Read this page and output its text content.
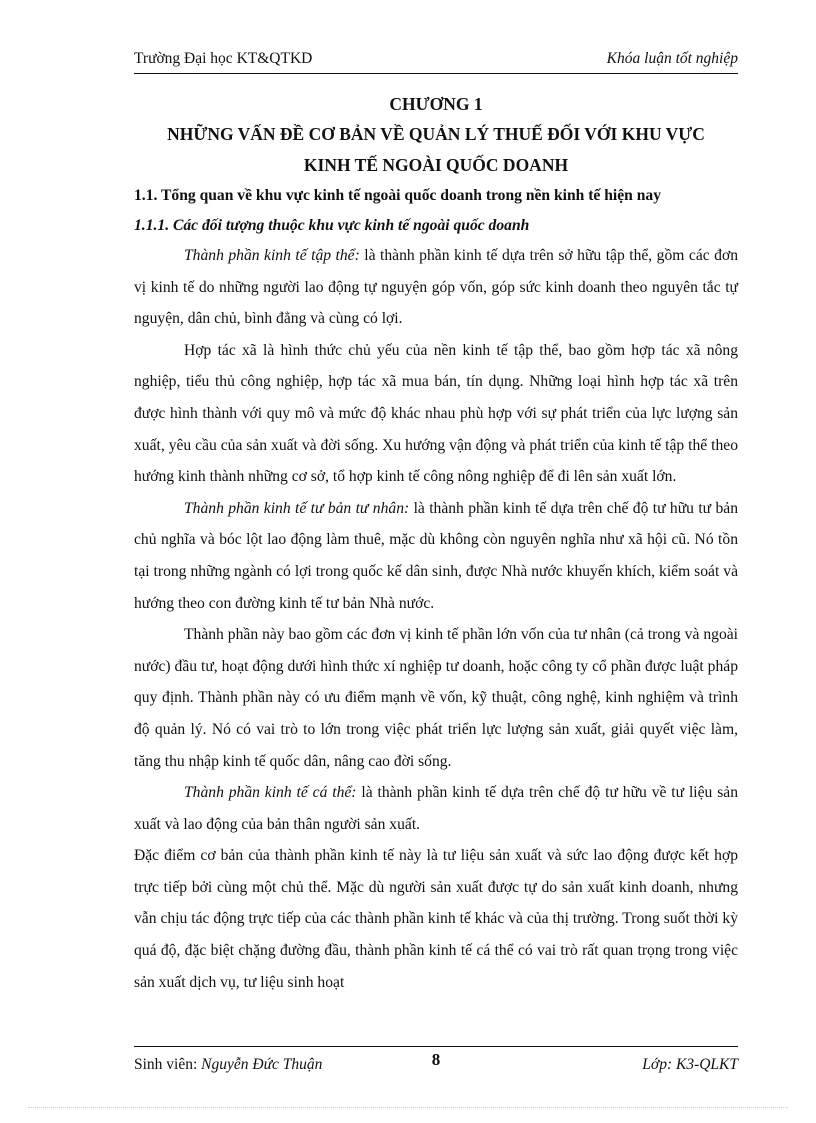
Trường Đại học KT&QTKD	Khóa luận tốt nghiệp

CHƯƠNG 1

NHỮNG VẤN ĐỀ CƠ BẢN VỀ QUẢN LÝ THUẾ ĐỐI VỚI KHU VỰC

KINH TẾ NGOÀI QUỐC DOANH

1.1. Tổng quan về khu vực kinh tế ngoài quốc doanh trong nền kinh tế hiện nay

1.1.1. Các đối tượng thuộc khu vực kinh tế ngoài quốc doanh

Thành phần kinh tế tập thể: là thành phần kinh tế dựa trên sở hữu tập thể, gồm các đơn vị kinh tế do những người lao động tự nguyện góp vốn, góp sức kinh doanh theo nguyên tắc tự nguyện, dân chủ, bình đẳng và cùng có lợi.

Hợp tác xã là hình thức chủ yếu của nền kinh tế tập thể, bao gồm hợp tác xã nông nghiệp, tiểu thủ công nghiệp, hợp tác xã mua bán, tín dụng. Những loại hình hợp tác xã trên được hình thành với quy mô và mức độ khác nhau phù hợp với sự phát triển của lực lượng sản xuất, yêu cầu của sản xuất và đời sống. Xu hướng vận động và phát triển của kinh tế tập thể theo hướng kinh thành những cơ sở, tổ hợp kinh tế công nông nghiệp để đi lên sản xuất lớn.

Thành phần kinh tế tư bản tư nhân: là thành phần kinh tế dựa trên chế độ tư hữu tư bản chủ nghĩa và bóc lột lao động làm thuê, mặc dù không còn nguyên nghĩa như xã hội cũ. Nó tồn tại trong những ngành có lợi trong quốc kế dân sinh, được Nhà nước khuyến khích, kiểm soát và hướng theo con đường kinh tế tư bản Nhà nước.

Thành phần này bao gồm các đơn vị kinh tế phần lớn vốn của tư nhân (cả trong và ngoài nước) đầu tư, hoạt động dưới hình thức xí nghiệp tư doanh, hoặc công ty cổ phần được luật pháp quy định. Thành phần này có ưu điểm mạnh về vốn, kỹ thuật, công nghệ, kinh nghiệm và trình độ quản lý. Nó có vai trò to lớn trong việc phát triển lực lượng sản xuất, giải quyết việc làm, tăng thu nhập kinh tế quốc dân, nâng cao đời sống.

Thành phần kinh tế cá thể: là thành phần kinh tế dựa trên chế độ tư hữu về tư liệu sản xuất và lao động của bản thân người sản xuất.

Đặc điểm cơ bản của thành phần kinh tế này là tư liệu sản xuất và sức lao động được kết hợp trực tiếp bởi cùng một chủ thể. Mặc dù người sản xuất được tự do sản xuất kinh doanh, nhưng vẫn chịu tác động trực tiếp của các thành phần kinh tế khác và của thị trường. Trong suốt thời kỳ quá độ, đặc biệt chặng đường đầu, thành phần kinh tế cá thể có vai trò rất quan trọng trong việc sản xuất dịch vụ, tư liệu sinh hoạt

Sinh viên: Nguyễn Đức Thuận	8	Lớp: K3-QLKT
